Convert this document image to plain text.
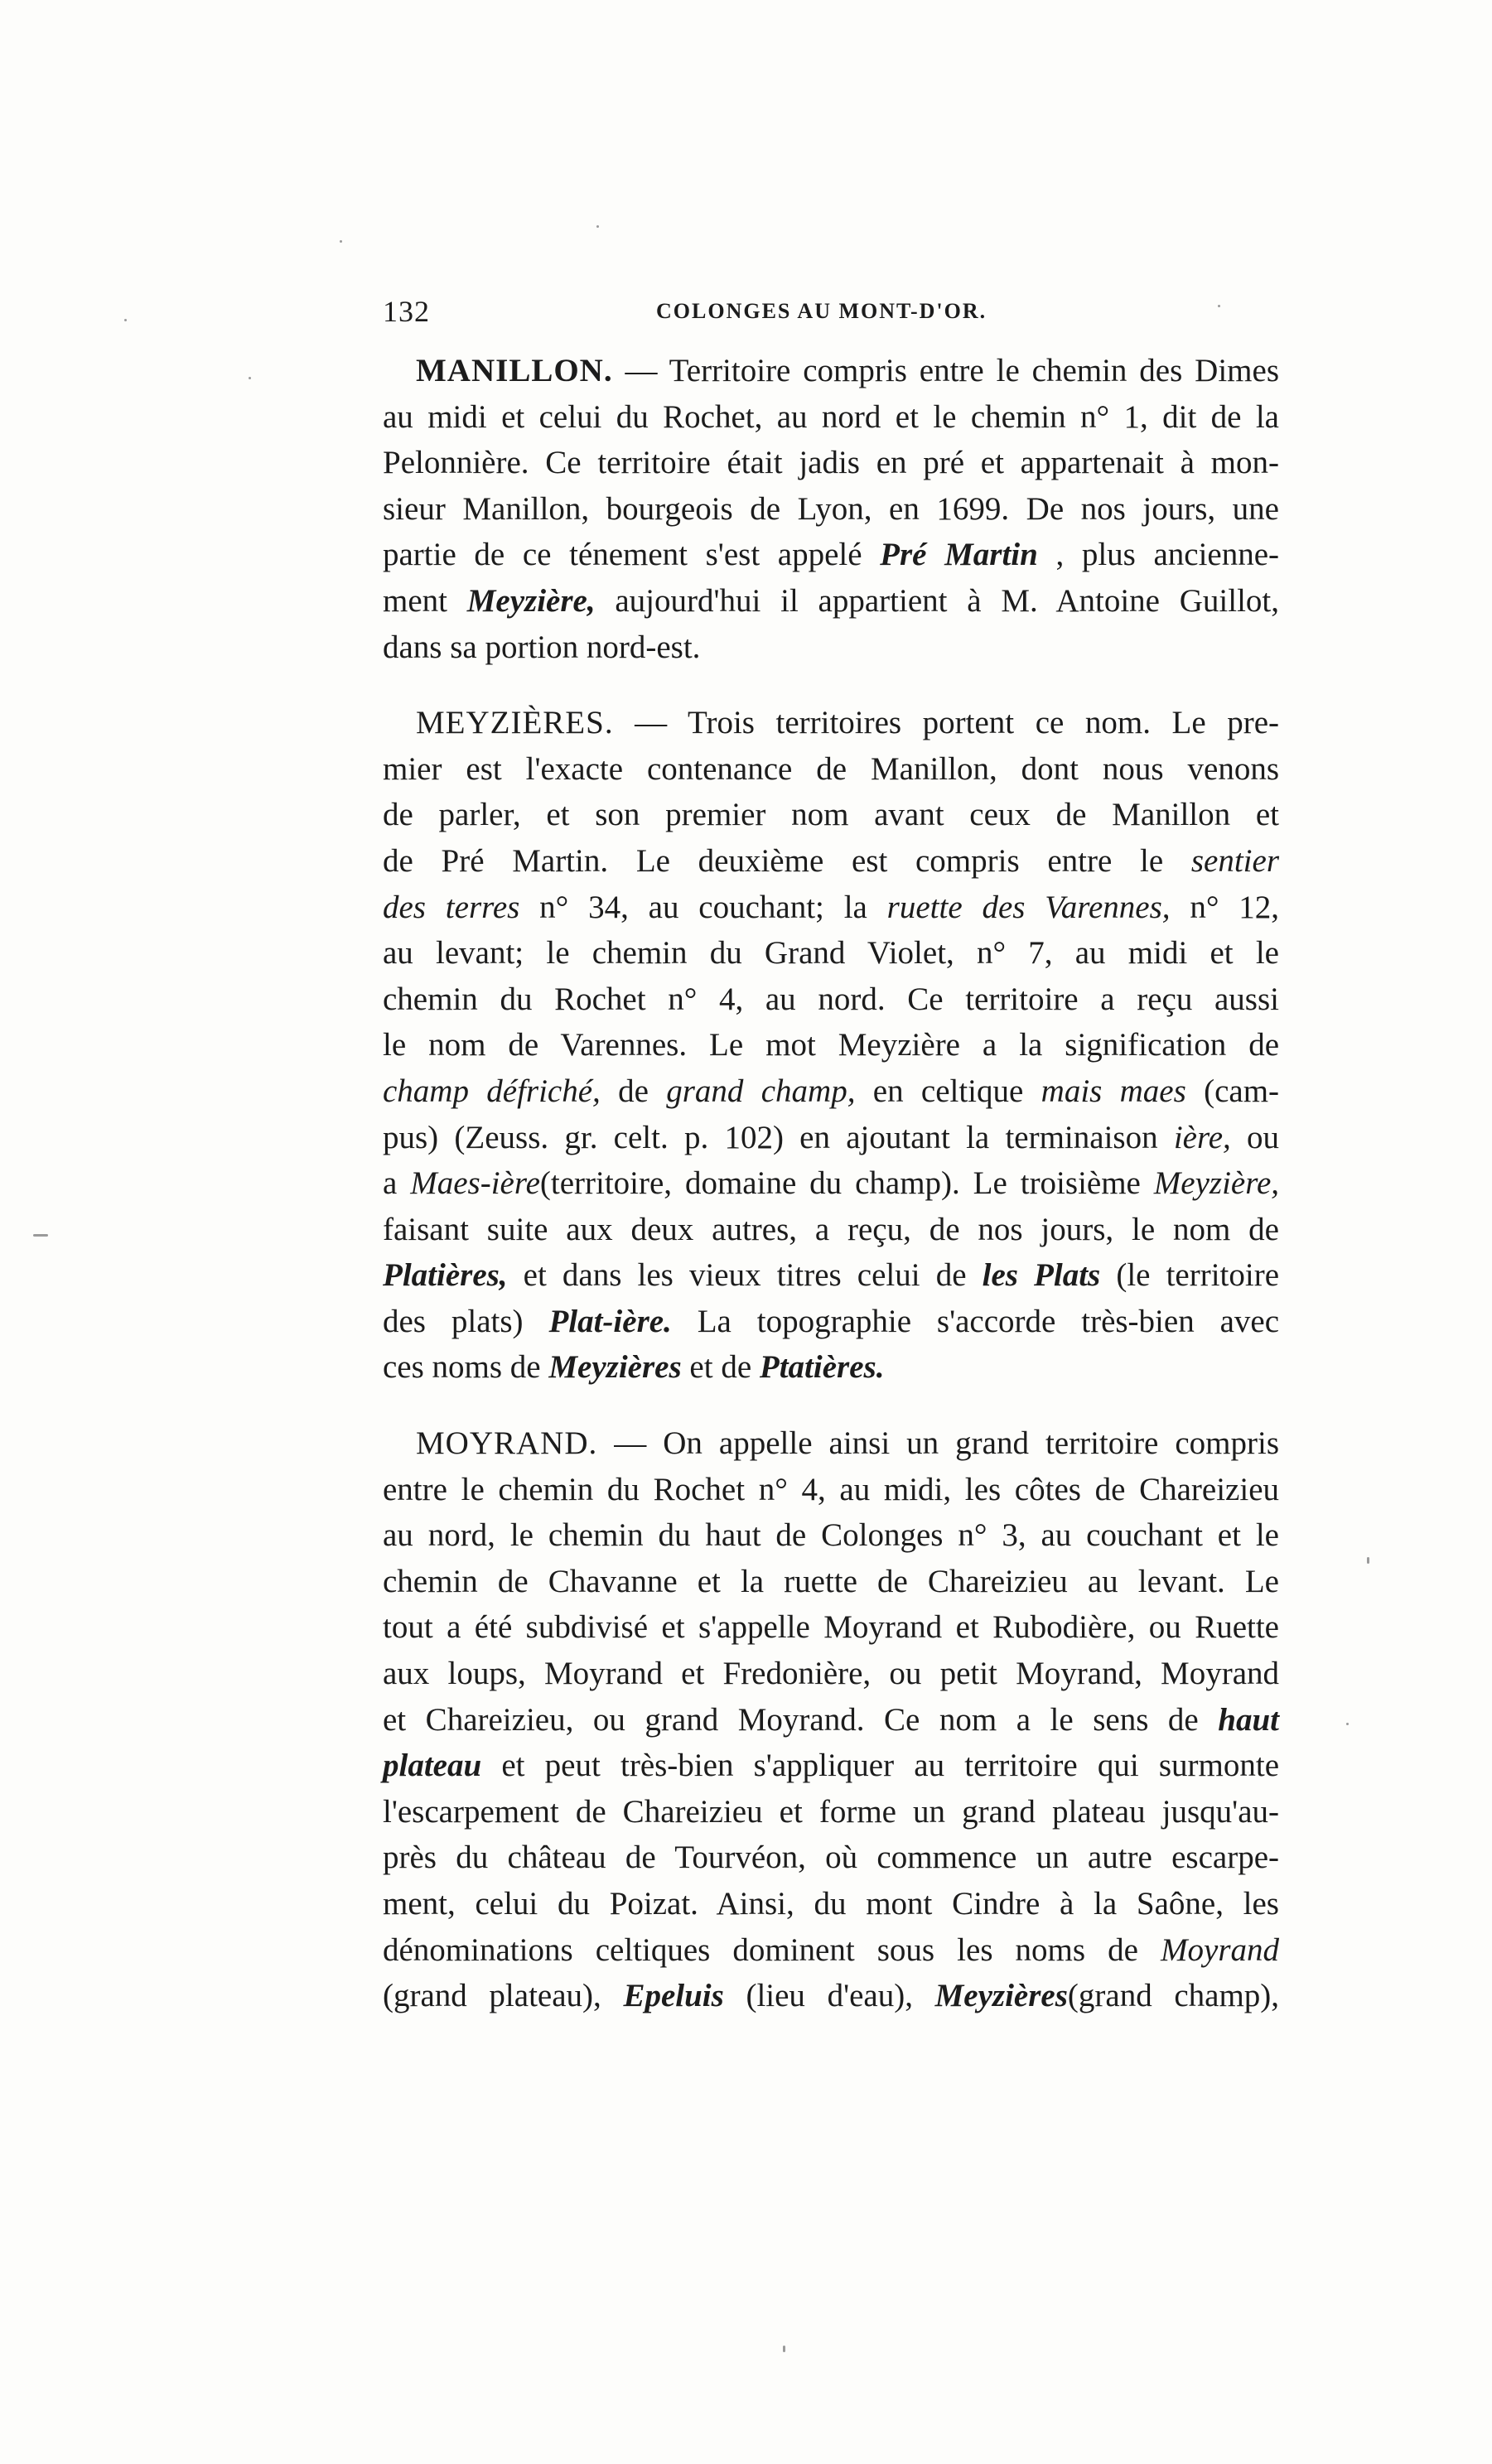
132	COLONGES AU MONT-D'OR.
MANILLON. — Territoire compris entre le chemin des Dimes
au midi et celui du Rochet, au nord et le chemin n° 1, dit de la
Pelonnière. Ce territoire était jadis en pré et appartenait à mon-
sieur Manillon, bourgeois de Lyon, en 1699. De nos jours, une
partie de ce ténement s'est appelé Pré Martin , plus ancienne-
ment Meyzière, aujourd'hui il appartient à M. Antoine Guillot,
dans sa portion nord-est.
MEYZIÈRES. — Trois territoires portent ce nom. Le pre-
mier est l'exacte contenance de Manillon, dont nous venons
de parler, et son premier nom avant ceux de Manillon et
de Pré Martin. Le deuxième est compris entre le sentier
des terres n° 34, au couchant; la ruette des Varennes, n° 12,
au levant; le chemin du Grand Violet, n° 7, au midi et le
chemin du Rochet n° 4, au nord. Ce territoire a reçu aussi
le nom de Varennes. Le mot Meyzière a la signification de
champ défriché, de grand champ, en celtique mais maes (cam-
pus) (Zeuss. gr. celt. p. 102) en ajoutant la terminaison ière, ou
a Maes-ière(territoire, domaine du champ). Le troisième Meyzière,
faisant suite aux deux autres, a reçu, de nos jours, le nom de
Platières, et dans les vieux titres celui de les Plats (le territoire
des plats) Plat-ière. La topographie s'accorde très-bien avec
ces noms de Meyzières et de Ptatières.
MOYRAND. — On appelle ainsi un grand territoire compris
entre le chemin du Rochet n° 4, au midi, les côtes de Chareizieu
au nord, le chemin du haut de Colonges n° 3, au couchant et le
chemin de Chavanne et la ruette de Chareizieu au levant. Le
tout a été subdivisé et s'appelle Moyrand et Rubodière, ou Ruette
aux loups, Moyrand et Fredonière, ou petit Moyrand, Moyrand
et Chareizieu, ou grand Moyrand. Ce nom a le sens de haut
plateau et peut très-bien s'appliquer au territoire qui surmonte
l'escarpement de Chareizieu et forme un grand plateau jusqu'au-
près du château de Tourvéon, où commence un autre escarpe-
ment, celui du Poizat. Ainsi, du mont Cindre à la Saône, les
dénominations celtiques dominent sous les noms de Moyrand
(grand plateau), Epeluis (lieu d'eau), Meyzières(grand champ),
